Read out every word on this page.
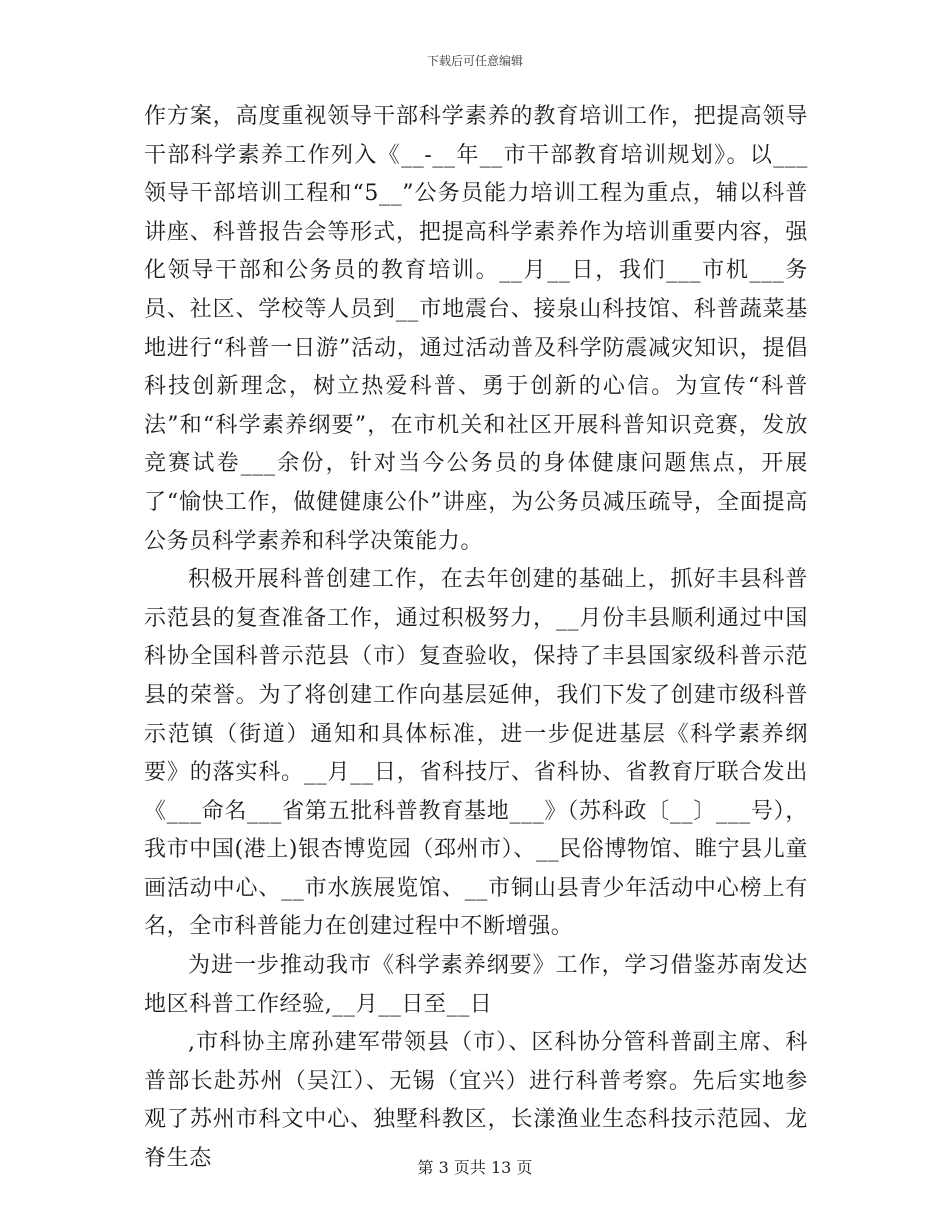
下载后可任意编辑

作方案，高度重视领导干部科学素养的教育培训工作，把提高领导干部科学素养工作列入《__-__年__市干部教育培训规划》。以___领导干部培训工程和“5__”公务员能力培训工程为重点，辅以科普讲座、科普报告会等形式，把提高科学素养作为培训重要内容，强化领导干部和公务员的教育培训。__月__日，我们___市机___务员、社区、学校等人员到__市地震台、接泉山科技馆、科普蔬菜基地进行“科普一日游”活动，通过活动普及科学防震减灾知识，提倡科技创新理念，树立热爱科普、勇于创新的心信。为宣传“科普法”和“科学素养纲要”，在市机关和社区开展科普知识竞赛，发放竞赛试卷___余份，针对当今公务员的身体健康问题焦点，开展了“愉快工作，做健健康公仆”讲座，为公务员减压疏导，全面提高公务员科学素养和科学决策能力。

积极开展科普创建工作，在去年创建的基础上，抓好丰县科普示范县的复查准备工作，通过积极努力，__月份丰县顺利通过中国科协全国科普示范县（市）复查验收，保持了丰县国家级科普示范县的荣誉。为了将创建工作向基层延伸，我们下发了创建市级科普示范镇（街道）通知和具体标准，进一步促进基层《科学素养纲要》的落实科。__月__日，省科技厅、省科协、省教育厅联合发出《___命名___省第五批科普教育基地___》（苏科政〔__〕___号），我市中国(港上)银杏博览园（邳州市）、__民俗博物馆、睢宁县儿童画活动中心、__市水族展览馆、__市铜山县青少年活动中心榜上有名，全市科普能力在创建过程中不断增强。

为进一步推动我市《科学素养纲要》工作，学习借鉴苏南发达地区科普工作经验,__月__日至__日

,市科协主席孙建军带领县（市）、区科协分管科普副主席、科普部长赴苏州（吴江）、无锡（宜兴）进行科普考察。先后实地参观了苏州市科文中心、独墅科教区，长漾渔业生态科技示范园、龙脊生态	第 3 页共 13 页
